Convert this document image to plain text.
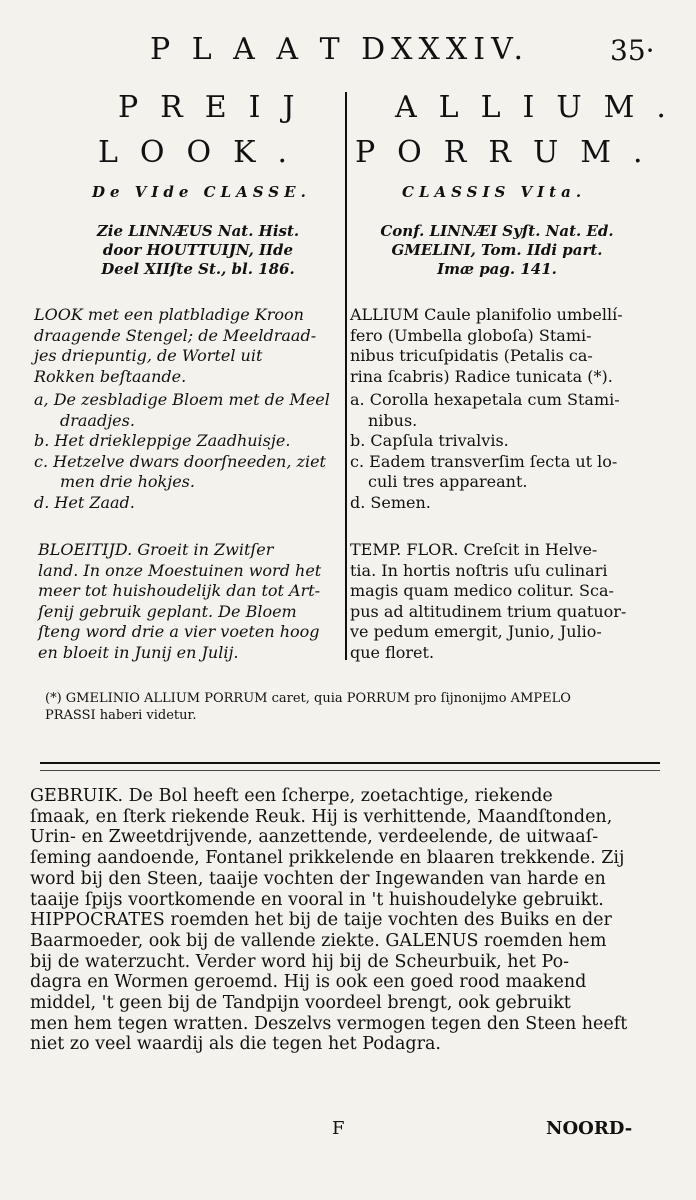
P L A A T DXXXIV.	35·
PREIJ
LOOK.
De VIde CLASSE.

Zie LINNÆUS Nat. Hist.

door HOUTTUIJN, IIde

Deel XIIſte St., bl. 186.

LOOK met een platbladige Kroon

draagende Stengel; de Meeldraad-

jes driepuntig, de Wortel uit

Rokken beſtaande.

a, De zesbladige Bloem met de Meel

draadjes.

b. Het driekleppige Zaadhuisje.

c. Hetzelve dwars doorſneeden, ziet

men drie hokjes.

d. Het Zaad.

BLOEITIJD. Groeit in Zwitſer

land. In onze Moestuinen word het

meer tot huishoudelijk dan tot Art-

ſenij gebruik geplant. De Bloem

ſteng word drie a vier voeten hoog

en bloeit in Junij en Julij.

ALLIUM.
PORRUM.
CLASSIS VIta.

Conf. LINNÆI Syſt. Nat. Ed.

GMELINI, Tom. IIdi part.

Imæ pag. 141.

ALLIUM Caule planifolio umbellí-

fero (Umbella globoſa) Stami-

nibus tricuſpidatis (Petalis ca-

rina ſcabris) Radice tunicata (*).

a. Corolla hexapetala cum Stami-

nibus.

b. Capſula trivalvis.

c. Eadem transverſim ſecta ut lo-

culi tres appareant.

d. Semen.

TEMP. FLOR. Creſcit in Helve-

tia. In hortis noſtris uſu culinari

magis quam medico colitur. Sca-

pus ad altitudinem trium quatuor-

ve pedum emergit, Junio, Julio-

que floret.

(*) GMELINIO ALLIUM PORRUM caret, quia PORRUM pro ſijnonijmo AMPELO
PRASSI haberi videtur.
GEBRUIK. De Bol heeft een ſcherpe, zoetachtige, riekende
ſmaak, en ſterk riekende Reuk. Hij is verhittende, Maandſtonden,
Urin- en Zweetdrijvende, aanzettende, verdeelende, de uitwaaſ-
ſeming aandoende, Fontanel prikkelende en blaaren trekkende. Zij
word bij den Steen, taaije vochten der Ingewanden van harde en
taaije ſpijs voortkomende en vooral in 't huishoudelyke gebruikt.
HIPPOCRATES roemden het bij de taije vochten des Buiks en der
Baarmoeder, ook bij de vallende ziekte. GALENUS roemden hem
bij de waterzucht. Verder word hij bij de Scheurbuik, het Po-
dagra en Wormen geroemd. Hij is ook een goed rood maakend
middel, 't geen bij de Tandpijn voordeel brengt, ook gebruikt
men hem tegen wratten. Deszelvs vermogen tegen den Steen heeft
niet zo veel waardij als die tegen het Podagra.
F	NOORD-
